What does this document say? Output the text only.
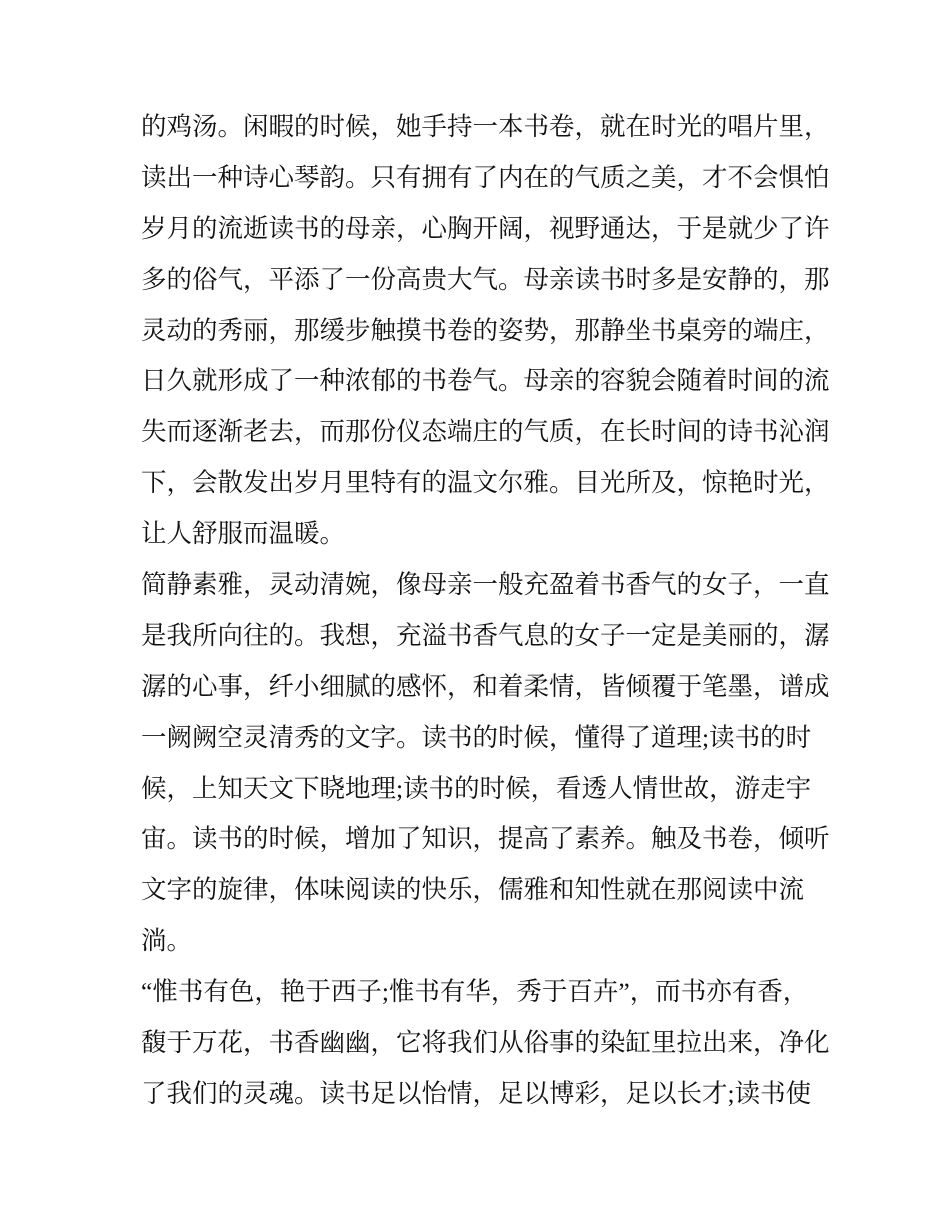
的鸡汤。闲暇的时候，她手持一本书卷，就在时光的唱片里，
读出一种诗心琴韵。只有拥有了内在的气质之美，才不会惧怕
岁月的流逝读书的母亲，心胸开阔，视野通达，于是就少了许
多的俗气，平添了一份高贵大气。母亲读书时多是安静的，那
灵动的秀丽，那缓步触摸书卷的姿势，那静坐书桌旁的端庄，
日久就形成了一种浓郁的书卷气。母亲的容貌会随着时间的流
失而逐渐老去，而那份仪态端庄的气质，在长时间的诗书沁润
下，会散发出岁月里特有的温文尔雅。目光所及，惊艳时光，
让人舒服而温暖。
简静素雅，灵动清婉，像母亲一般充盈着书香气的女子，一直
是我所向往的。我想，充溢书香气息的女子一定是美丽的，潺
潺的心事，纤小细腻的感怀，和着柔情，皆倾覆于笔墨，谱成
一阙阙空灵清秀的文字。读书的时候，懂得了道理;读书的时
候，上知天文下晓地理;读书的时候，看透人情世故，游走宇
宙。读书的时候，增加了知识，提高了素养。触及书卷，倾听
文字的旋律，体味阅读的快乐，儒雅和知性就在那阅读中流
淌。
“惟书有色，艳于西子;惟书有华，秀于百卉”，而书亦有香，
馥于万花，书香幽幽，它将我们从俗事的染缸里拉出来，净化
了我们的灵魂。读书足以怡情，足以博彩，足以长才;读书使
